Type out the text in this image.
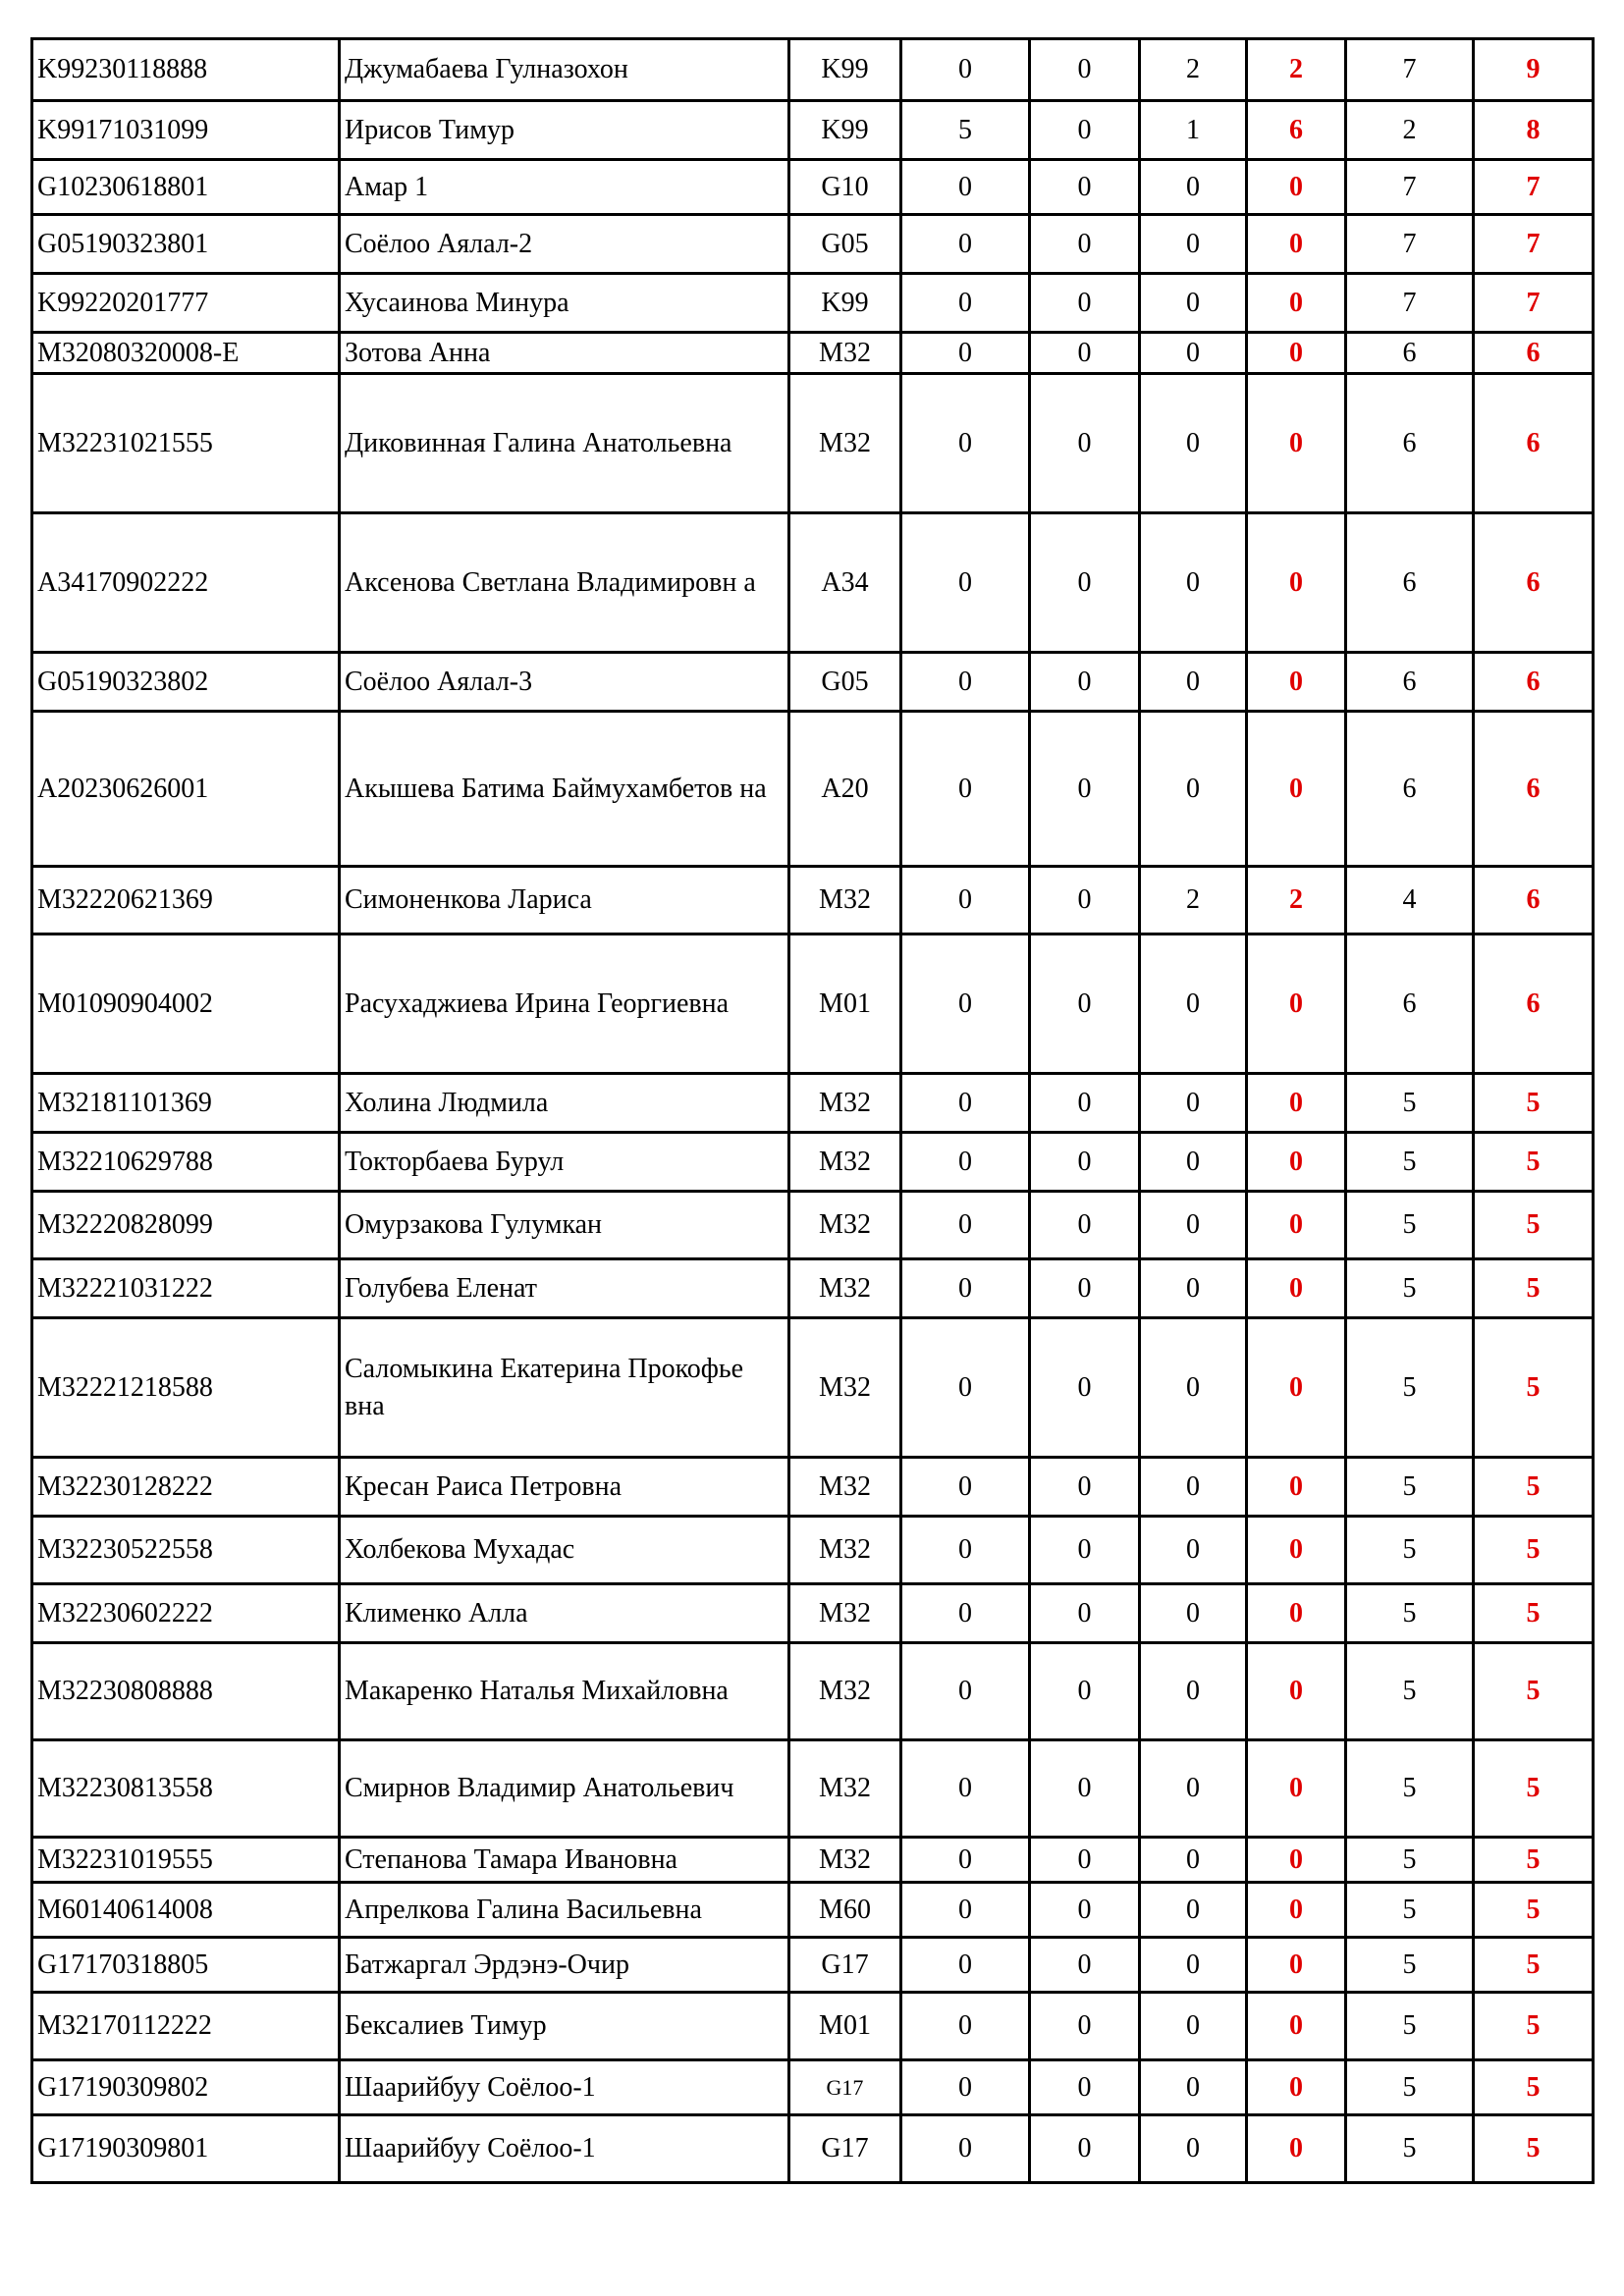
K99230118888	Джумабаева Гулназохон	K99	0	0	2	2	7	9
K99171031099	Ирисов Тимур	K99	5	0	1	6	2	8
G10230618801	Амар 1	G10	0	0	0	0	7	7
G05190323801	Соёлоо Аялал-2	G05	0	0	0	0	7	7
K99220201777	Хусаинова Минура	K99	0	0	0	0	7	7
M32080320008-E	Зотова Анна	M32	0	0	0	0	6	6
M32231021555	Диковинная Галина Анатольевна	M32	0	0	0	0	6	6
A34170902222	Аксенова Светлана Владимировн а	A34	0	0	0	0	6	6
G05190323802	Соёлоо Аялал-3	G05	0	0	0	0	6	6
A20230626001	Акышева Батима Баймухамбетов на	A20	0	0	0	0	6	6
M32220621369	Симоненкова Лариса	M32	0	0	2	2	4	6
M01090904002	Расухаджиева Ирина Георгиевна	M01	0	0	0	0	6	6
M32181101369	Холина Людмила	M32	0	0	0	0	5	5
M32210629788	Токторбаева Бурул	M32	0	0	0	0	5	5
M32220828099	Омурзакова Гулумкан	M32	0	0	0	0	5	5
M32221031222	Голубева Еленат	M32	0	0	0	0	5	5
M32221218588	Саломыкина Екатерина Прокофье вна	M32	0	0	0	0	5	5
M32230128222	Кресан Раиса Петровна	M32	0	0	0	0	5	5
M32230522558	Холбекова Мухадас	M32	0	0	0	0	5	5
M32230602222	Клименко Алла	M32	0	0	0	0	5	5
M32230808888	Макаренко Наталья Михайловна	M32	0	0	0	0	5	5
M32230813558	Смирнов Владимир Анатольевич	M32	0	0	0	0	5	5
M32231019555	Степанова Тамара Ивановна	M32	0	0	0	0	5	5
M60140614008	Апрелкова Галина Васильевна	M60	0	0	0	0	5	5
G17170318805	Батжаргал Эрдэнэ-Очир	G17	0	0	0	0	5	5
M32170112222	Бексалиев Тимур	M01	0	0	0	0	5	5
G17190309802	Шаарийбуу Соёлоо-1	G17	0	0	0	0	5	5
G17190309801	Шаарийбуу Соёлоо-1	G17	0	0	0	0	5	5
